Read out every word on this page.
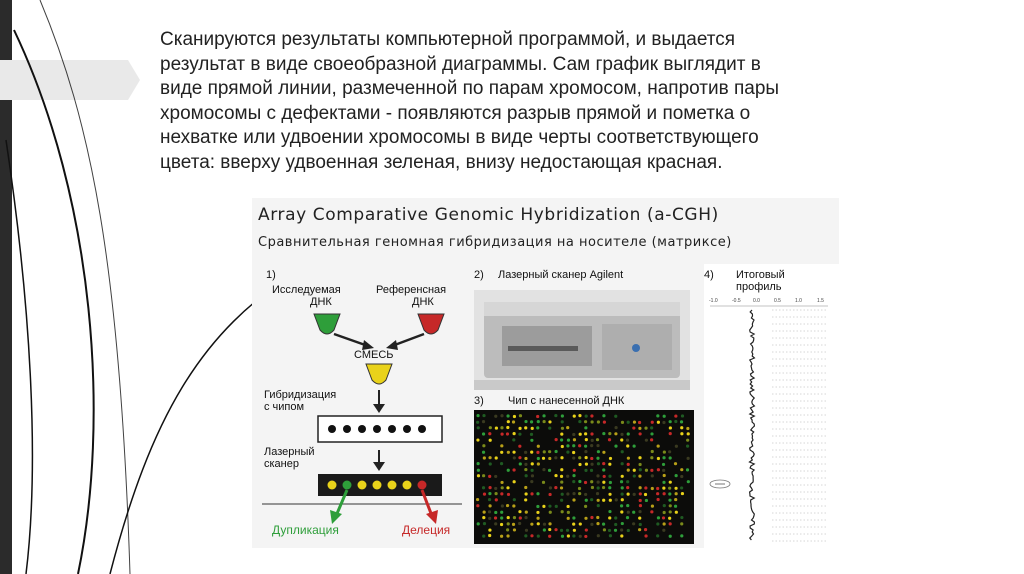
Сканируются результаты компьютерной программой, и выдается

результат в виде своеобразной диаграммы. Сам график выглядит в

виде прямой линии, размеченной по парам хромосом, напротив пары

хромосомы с дефектами - появляются разрыв прямой и пометка о

нехватке или удвоении хромосомы в виде черты соответствующего

цвета: вверху удвоенная зеленая, внизу недостающая красная.

Array Comparative Genomic Hybridization (a-CGH)
Сравнительная геномная гибридизация на носителе (матриксе)
1)
Исследуемая
ДНК
Референсная
ДНК
СМЕСЬ
Гибридизация
с чипом
Лазерный
сканер
Дупликация	Делеция
2) Лазерный сканер Agilent
3) Чип с нанесенной ДНК
4) Итоговый
профиль
-1.0	-0.5 0.0	0.5	1.0	1.5
